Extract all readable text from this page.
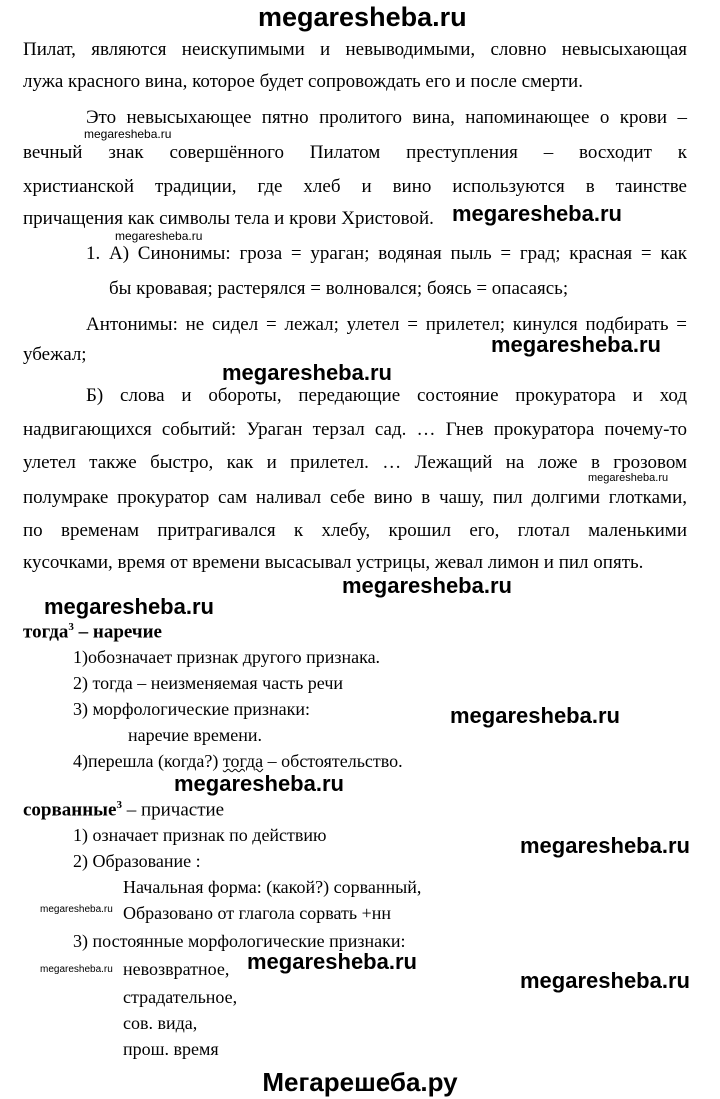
megaresheba.ru
Пилат, являются неискупимыми и невыводимыми, словно невысыхающая
лужа красного вина, которое будет сопровождать его и после смерти.
Это невысыхающее пятно пролитого вина, напоминающее о крови –
megaresheba.ru
вечный знак совершённого Пилатом преступления – восходит к
христианской традиции, где хлеб и вино используются в таинстве
причащения как символы тела и крови Христовой. megaresheba.ru
megaresheba.ru
1. А) Синонимы: гроза = ураган; водяная пыль = град; красная = как
бы кровавая; растерялся = волновался; боясь = опасаясь;
Антонимы: не сидел = лежал; улетел = прилетел; кинулся подбирать =
убежал;	megaresheba.ru
megaresheba.ru
Б) слова и обороты, передающие состояние прокуратора и ход
надвигающихся событий: Ураган терзал сад. … Гнев прокуратора почему-то
улетел также быстро, как и прилетел. … Лежащий на ложе в грозовом
megaresheba.ru
полумраке прокуратор сам наливал себе вино в чашу, пил долгими глотками,
по временам притрагивался к хлебу, крошил его, глотал маленькими
кусочками, время от времени высасывал устрицы, жевал лимон и пил опять.
megaresheba.ru
megaresheba.ru
тогда$^3$ – наречие
1)обозначает признак другого признака.
2) тогда – неизменяемая часть речи
3) морфологические признаки:	megaresheba.ru
наречие времени.
4)перешла (когда?) тогда – обстоятельство.
megaresheba.ru
сорванные$^3$ – причастие
1) означает признак по действию	megaresheba.ru
2) Образование :
Начальная форма: (какой?) сорванный,
megaresheba.ru Образовано от глагола сорвать +нн
3) постоянные морфологические признаки:
megaresheba.ru невозвратное, megaresheba.ru
megaresheba.ru
страдательное,
сов. вида,
прош. время
Мегарешеба.ру
